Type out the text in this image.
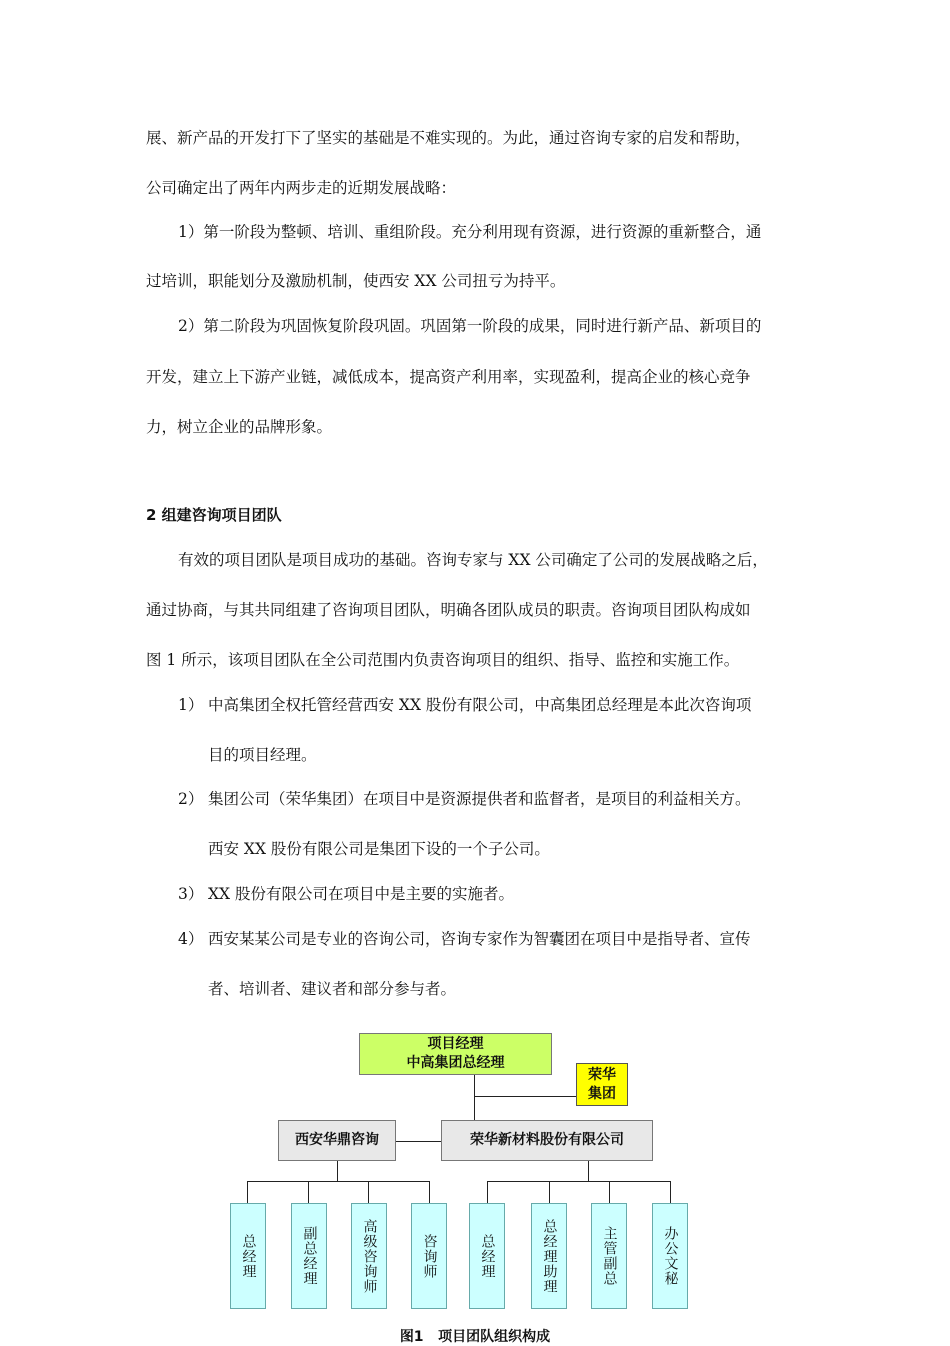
展、新产品的开发打下了坚实的基础是不难实现的。为此，通过咨询专家的启发和帮助，
公司确定出了两年内两步走的近期发展战略：
1）第一阶段为整顿、培训、重组阶段。充分利用现有资源，进行资源的重新整合，通
过培训，职能划分及激励机制，使西安 XX 公司扭亏为持平。
2）第二阶段为巩固恢复阶段巩固。巩固第一阶段的成果，同时进行新产品、新项目的
开发，建立上下游产业链，减低成本，提高资产利用率，实现盈利，提高企业的核心竞争
力，树立企业的品牌形象。
2 组建咨询项目团队
有效的项目团队是项目成功的基础。咨询专家与 XX 公司确定了公司的发展战略之后，
通过协商，与其共同组建了咨询项目团队，明确各团队成员的职责。咨询项目团队构成如
图 1 所示，该项目团队在全公司范围内负责咨询项目的组织、指导、监控和实施工作。
1） 中高集团全权托管经营西安 XX 股份有限公司，中高集团总经理是本此次咨询项
目的项目经理。
2） 集团公司（荣华集团）在项目中是资源提供者和监督者，是项目的利益相关方。
西安 XX 股份有限公司是集团下设的一个子公司。
3） XX 股份有限公司在项目中是主要的实施者。
4） 西安某某公司是专业的咨询公司，咨询专家作为智囊团在项目中是指导者、宣传
者、培训者、建议者和部分参与者。
项目经理
中高集团总经理
荣华
集团
西安华鼎咨询	荣华新材料股份有限公司
总经理	副总经理	高级咨询师	咨询师	总经理	总经理助理	主管副总	办公文秘
图1   项目团队组织构成
